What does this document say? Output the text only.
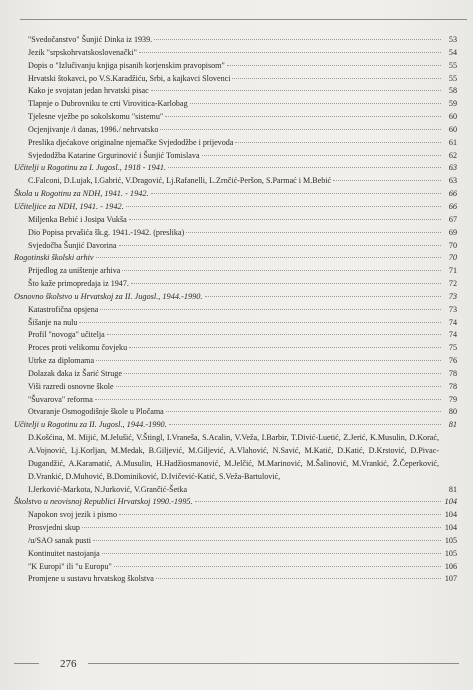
"Svedočanstvo" Šunjić Dinka iz 1939.	53
Jezik "srpskohrvatskoslovenački"	54
Dopis o "Izlučivanju knjiga pisanih korjenskim pravopisom"	55
Hrvatski štokavci, po V.S.Karadžiću, Srbi, a kajkavci Slovenci	55
Kako je svojatan jedan hrvatski pisac	58
Tlapnje o Dubrovniku te crti Virovitica-Karlobag	59
Tjelesne vježbe po sokolskomu "sistemu"	60
Ocjenjivanje /i danas, 1996./ nehrvatsko	60
Preslika djećakove originalne njemačke Svjedodžbe i prijevoda	61
Svjedodžba Katarine Grgurinović i Šunjić Tomislava	62
Učitelji u Rogotinu za I. Jugosl., 1918 - 1941.	63
C.Falconi, D.Lujak, I.Gabrić, V.Dragović, Lj.Rafanelli, L.Zrnčić-Peršon, S.Parmać i M.Bebić	63
Škola u Rogotinu za NDH, 1941. - 1942.	66
Učiteljice za NDH, 1941. - 1942.	66
Miljenka Bebić i Josipa Vukša	67
Dio Popisa prvašića šk.g. 1941.-1942. (preslika)	69
Svjedočba Šunjić Davorina	70
Rogotinski školski arhiv	70
Prijedlog za uništenje arhiva	71
Što kaže primopredaja iz 1947.	72
Osnovno školstvo u Hrvatskoj za II. Jugosl., 1944.-1990.	73
Katastrofična opsjena	73
Šišanje na nulu	74
Profil "novoga" učitelja	74
Proces proti velikomu čovjeku	75
Utrke za diplomama	76
Dolazak đaka iz Šarić Struge	78
Viši razredi osnovne škole	78
"Šuvarova" reforma	79
Otvaranje Osmogodišnje škole u Pločama	80
Učitelji u Rogotinu za II. Jugosl., 1944.-1990.	81
D.Košćina, M. Mijić, M.Jelušić, V.Štingl, I.Vraneša, S.Acalin, V.Veža, I.Barbir, T.Divić-Luetić, Z.Jerić, K.Musulin, D.Korać, A.Vojnović, Lj.Korljan, M.Medak, B.Giljević, M.Giljević, A.Vlahović, N.Savić, M.Katić, D.Katić, D.Krstović, D.Pivac-Dugandžić, A.Karamatić, A.Musulin, H.Hadžiosmanović, M.Jelčić, M.Marinović, M.Šalinović, M.Vrankić, Ž.Čeperković, D.Vrankić, D.Muhović, B.Dominiković, D.Ivičević-Katić, S.Veža-Bartulović,
I.Jerković-Markota, N.Jurković, V.Grančić-Šetka	81
Školstvo u neovisnoj Republici Hrvatskoj 1990.-1995.	104
Napokon svoj jezik i pismo	104
Prosvjedni skup	104
/u/SAO sanak pusti	105
Kontinuitet nastojanja	105
"K Europi" ili "u Europu"	106
Promjene u sustavu hrvatskog školstva	107
276
